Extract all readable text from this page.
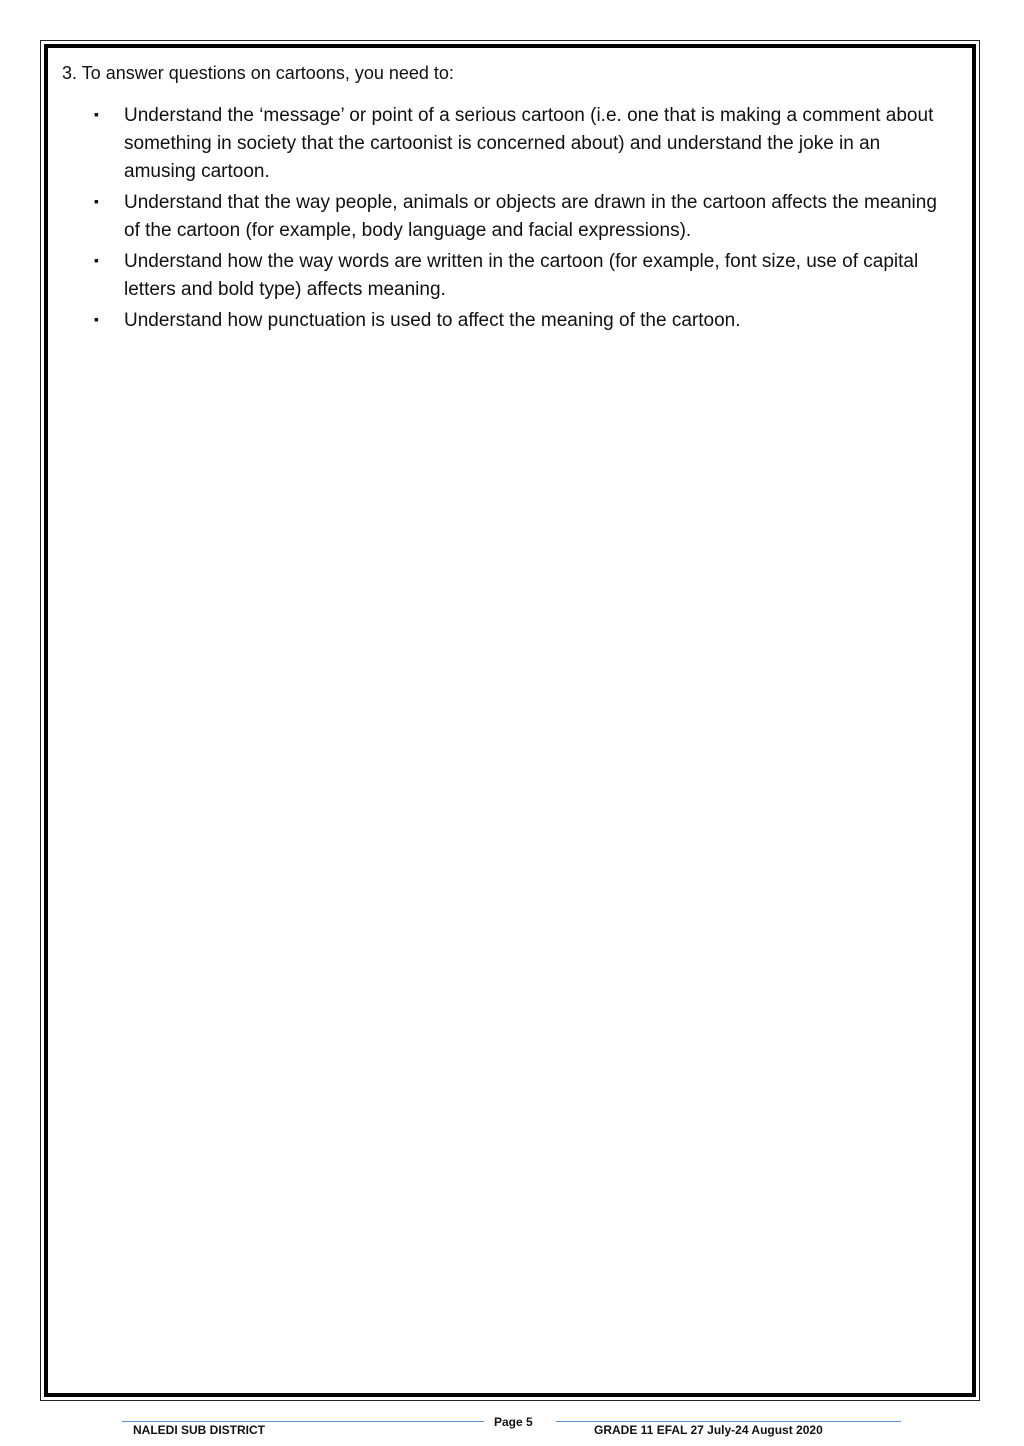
3. To answer questions on cartoons, you need to:

▪ Understand the ‘message’ or point of a serious cartoon (i.e. one that is making a comment about something in society that the cartoonist is concerned about) and understand the joke in an amusing cartoon.
▪ Understand that the way people, animals or objects are drawn in the cartoon affects the meaning of the cartoon (for example, body language and facial expressions).
▪ Understand how the way words are written in the cartoon (for example, font size, use of capital letters and bold type) affects meaning.
▪ Understand how punctuation is used to affect the meaning of the cartoon.
NALEDI SUB DISTRICT
Page 5
GRADE 11 EFAL 27 July-24 August 2020
